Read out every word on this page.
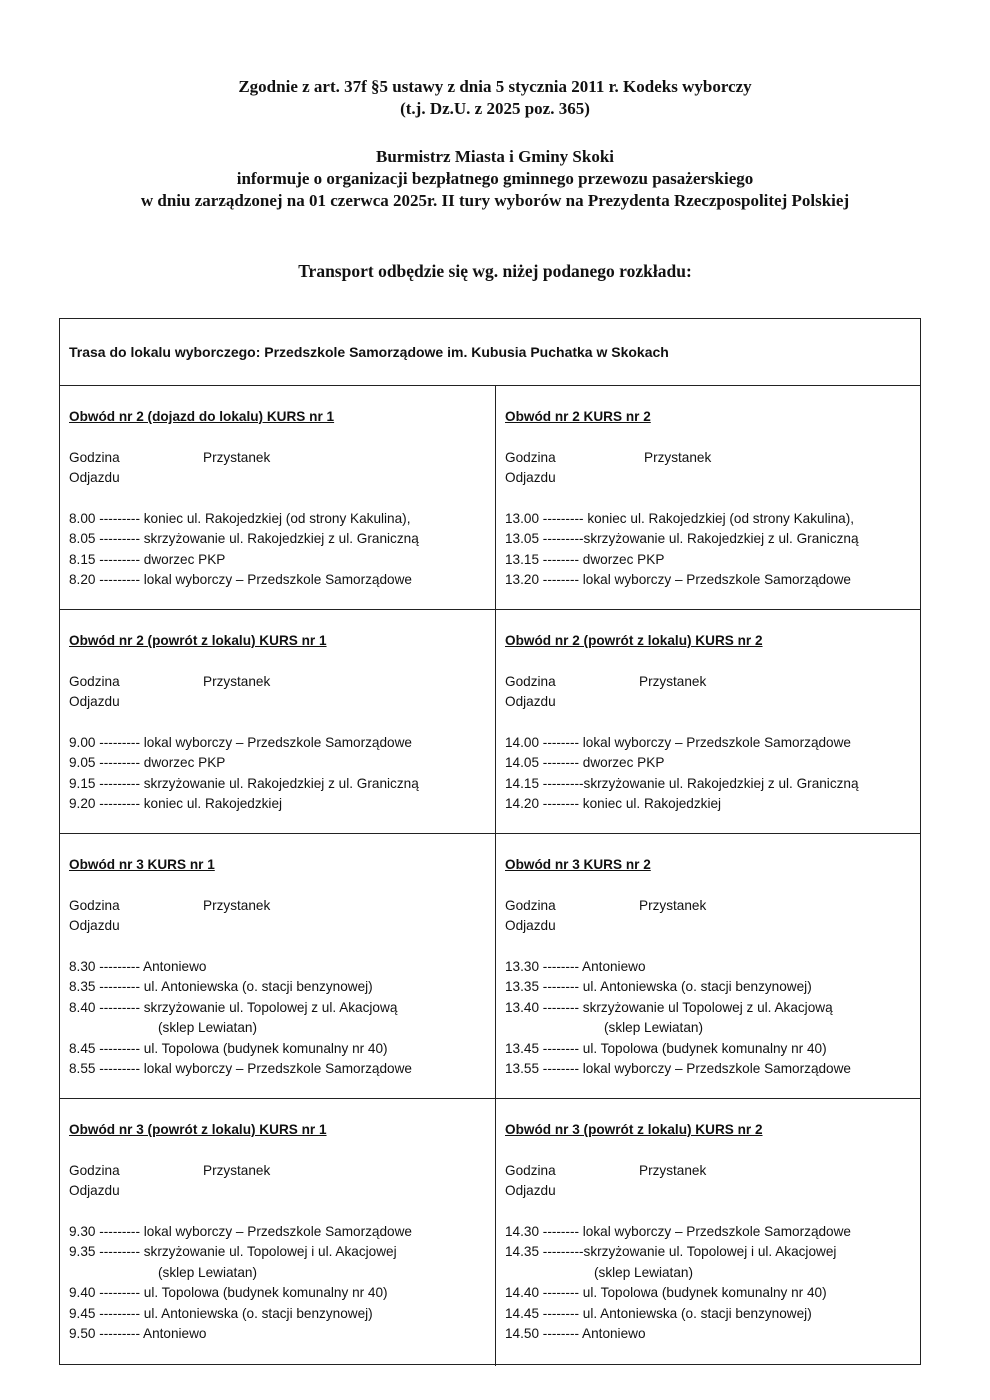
Zgodnie z art. 37f §5 ustawy z dnia 5 stycznia 2011 r. Kodeks wyborczy
(t.j. Dz.U. z 2025 poz. 365)
Burmistrz Miasta i Gminy Skoki
informuje o organizacji bezpłatnego gminnego przewozu pasażerskiego
w dniu zarządzonej na 01 czerwca 2025r. II tury wyborów na Prezydenta Rzeczpospolitej Polskiej
Transport odbędzie się wg. niżej podanego rozkładu:
Trasa do lokalu wyborczego: Przedszkole Samorządowe im. Kubusia Puchatka w Skokach
Obwód nr 2 (dojazd do lokalu) KURS nr 1
Godzina Odjazdu
Przystanek
8.00 --------- koniec ul. Rakojedzkiej (od strony Kakulina),
8.05 --------- skrzyżowanie ul. Rakojedzkiej z ul. Graniczną
8.15 --------- dworzec PKP
8.20 --------- lokal wyborczy – Przedszkole Samorządowe
Obwód nr 2 KURS nr 2
Godzina Odjazdu
Przystanek
13.00 --------- koniec ul. Rakojedzkiej (od strony Kakulina),
13.05 ---------skrzyżowanie ul. Rakojedzkiej z ul. Graniczną
13.15 -------- dworzec PKP
13.20 -------- lokal wyborczy – Przedszkole Samorządowe
Obwód nr 2 (powrót z lokalu) KURS nr 1
Godzina Odjazdu
Przystanek
9.00 --------- lokal wyborczy – Przedszkole Samorządowe
9.05 --------- dworzec PKP
9.15 --------- skrzyżowanie ul. Rakojedzkiej z ul. Graniczną
9.20 --------- koniec ul. Rakojedzkiej
Obwód nr 2 (powrót z lokalu) KURS nr 2
Godzina Odjazdu
Przystanek
14.00 -------- lokal wyborczy – Przedszkole Samorządowe
14.05 -------- dworzec PKP
14.15 ---------skrzyżowanie ul. Rakojedzkiej z ul. Graniczną
14.20 -------- koniec ul. Rakojedzkiej
Obwód nr 3 KURS nr 1
Godzina Odjazdu
Przystanek
8.30 --------- Antoniewo
8.35 --------- ul. Antoniewska (o. stacji benzynowej)
8.40 --------- skrzyżowanie ul. Topolowej z ul. Akacjową
(sklep Lewiatan)
8.45 --------- ul. Topolowa (budynek komunalny nr 40)
8.55 --------- lokal wyborczy – Przedszkole Samorządowe
Obwód nr 3 KURS nr 2
Godzina Odjazdu
Przystanek
13.30 -------- Antoniewo
13.35 -------- ul. Antoniewska (o. stacji benzynowej)
13.40 -------- skrzyżowanie ul Topolowej z ul. Akacjową
(sklep Lewiatan)
13.45 -------- ul. Topolowa (budynek komunalny nr 40)
13.55 -------- lokal wyborczy – Przedszkole Samorządowe
Obwód nr 3 (powrót z lokalu) KURS nr 1
Godzina Odjazdu
Przystanek
9.30 --------- lokal wyborczy – Przedszkole Samorządowe
9.35 --------- skrzyżowanie ul. Topolowej i ul. Akacjowej
(sklep Lewiatan)
9.40 --------- ul. Topolowa (budynek komunalny nr 40)
9.45 --------- ul. Antoniewska (o. stacji benzynowej)
9.50 --------- Antoniewo
Obwód nr 3 (powrót z lokalu) KURS nr 2
Godzina Odjazdu
Przystanek
14.30 -------- lokal wyborczy – Przedszkole Samorządowe
14.35 ---------skrzyżowanie ul. Topolowej i ul. Akacjowej
(sklep Lewiatan)
14.40 -------- ul. Topolowa (budynek komunalny nr 40)
14.45 -------- ul. Antoniewska (o. stacji benzynowej)
14.50 -------- Antoniewo
